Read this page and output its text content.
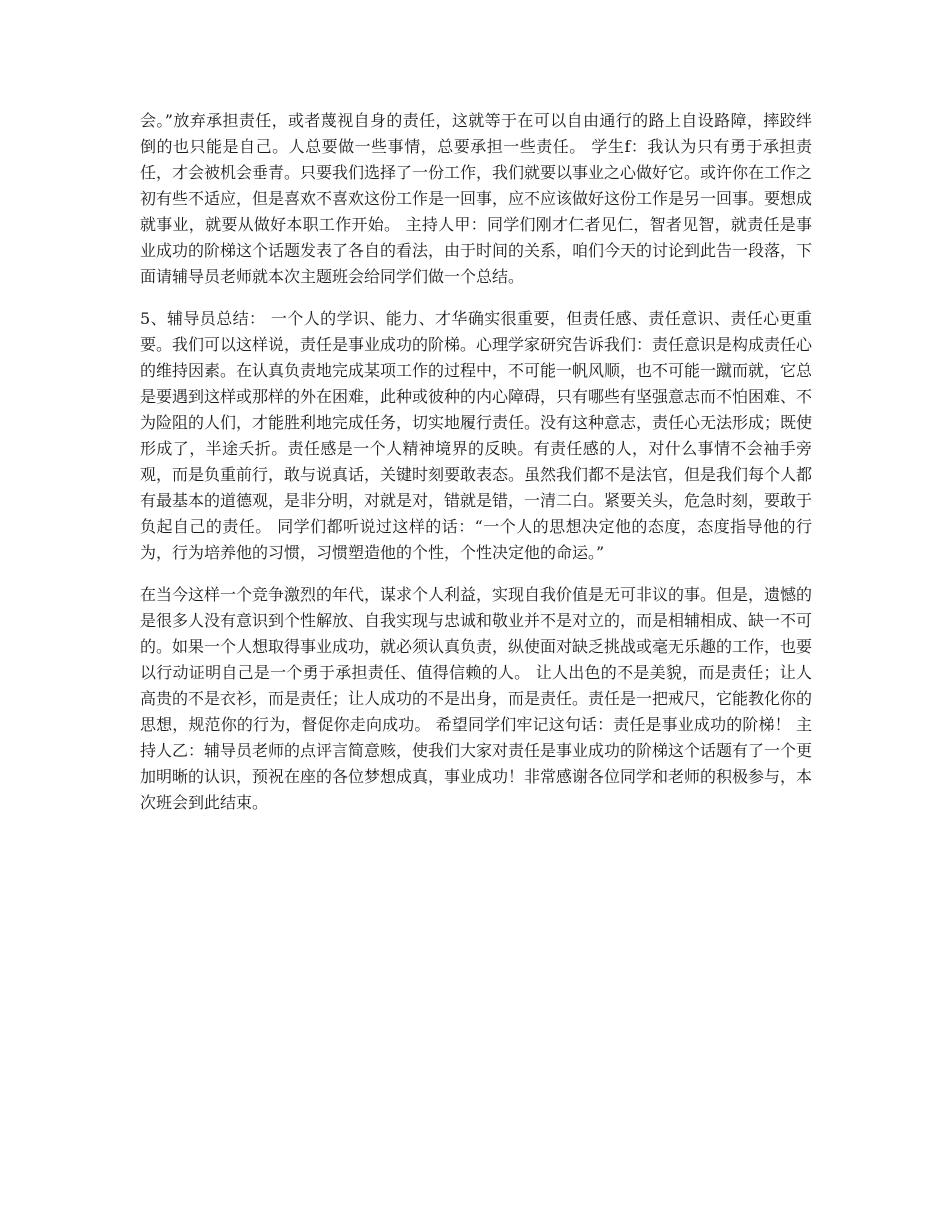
会。”放弃承担责任，或者蔑视自身的责任，这就等于在可以自由通行的路上自设路障，摔跤绊倒的也只能是自己。人总要做一些事情，总要承担一些责任。 学生f：我认为只有勇于承担责任，才会被机会垂青。只要我们选择了一份工作，我们就要以事业之心做好它。或许你在工作之初有些不适应，但是喜欢不喜欢这份工作是一回事，应不应该做好这份工作是另一回事。要想成就事业，就要从做好本职工作开始。 主持人甲：同学们刚才仁者见仁，智者见智，就责任是事业成功的阶梯这个话题发表了各自的看法，由于时间的关系，咱们今天的讨论到此告一段落，下面请辅导员老师就本次主题班会给同学们做一个总结。

5、辅导员总结： 一个人的学识、能力、才华确实很重要，但责任感、责任意识、责任心更重要。我们可以这样说，责任是事业成功的阶梯。心理学家研究告诉我们：责任意识是构成责任心的维持因素。在认真负责地完成某项工作的过程中，不可能一帆风顺，也不可能一蹴而就，它总是要遇到这样或那样的外在困难，此种或彼种的内心障碍，只有哪些有坚强意志而不怕困难、不为险阻的人们，才能胜利地完成任务，切实地履行责任。没有这种意志，责任心无法形成；既使形成了，半途夭折。责任感是一个人精神境界的反映。有责任感的人，对什么事情不会袖手旁观，而是负重前行，敢与说真话，关键时刻要敢表态。虽然我们都不是法官，但是我们每个人都有最基本的道德观，是非分明，对就是对，错就是错，一清二白。紧要关头，危急时刻，要敢于负起自己的责任。 同学们都听说过这样的话：“一个人的思想决定他的态度，态度指导他的行为，行为培养他的习惯，习惯塑造他的个性，个性决定他的命运。”

在当今这样一个竞争激烈的年代，谋求个人利益，实现自我价值是无可非议的事。但是，遗憾的是很多人没有意识到个性解放、自我实现与忠诚和敬业并不是对立的，而是相辅相成、缺一不可的。如果一个人想取得事业成功，就必须认真负责，纵使面对缺乏挑战或毫无乐趣的工作，也要以行动证明自己是一个勇于承担责任、值得信赖的人。 让人出色的不是美貌，而是责任；让人高贵的不是衣衫，而是责任；让人成功的不是出身，而是责任。责任是一把戒尺，它能教化你的思想，规范你的行为，督促你走向成功。 希望同学们牢记这句话：责任是事业成功的阶梯！ 主持人乙：辅导员老师的点评言简意赅，使我们大家对责任是事业成功的阶梯这个话题有了一个更加明晰的认识，预祝在座的各位梦想成真，事业成功！非常感谢各位同学和老师的积极参与，本次班会到此结束。
